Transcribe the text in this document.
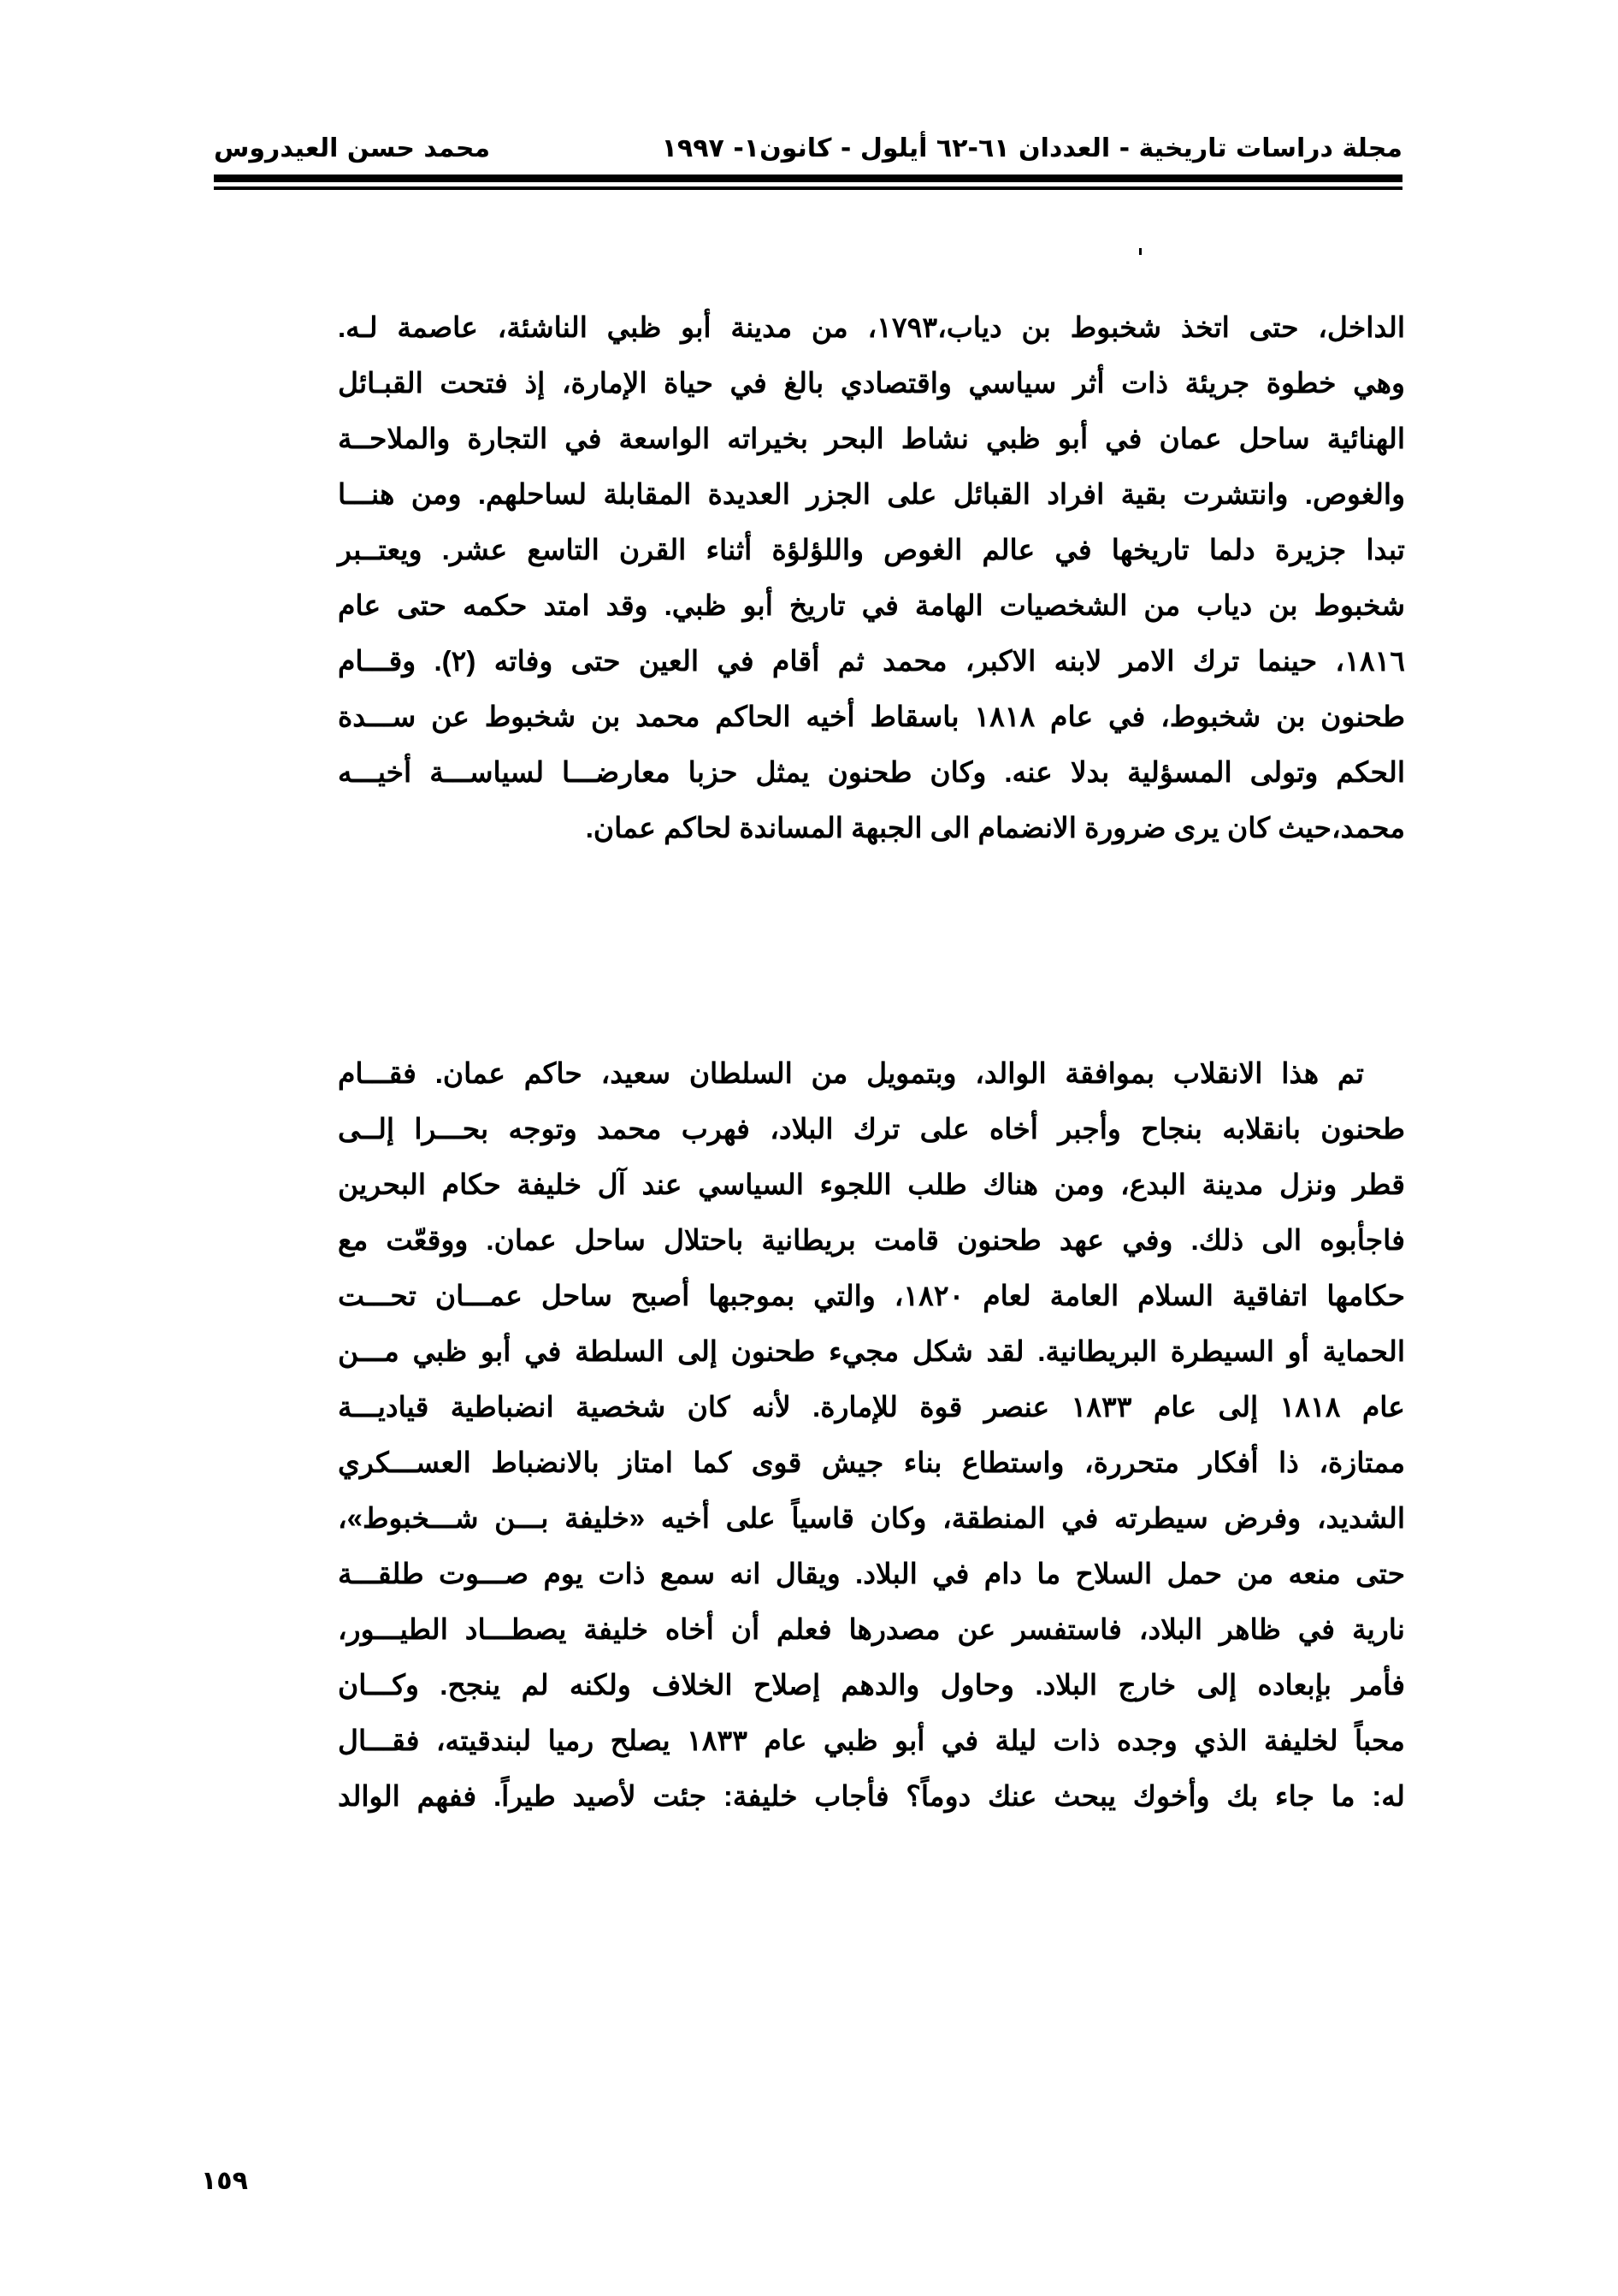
مجلة دراسات تاريخية - العددان ٦١-٦٢ أيلول - كانون١- ١٩٩٧
محمد حسن العيدروس
الداخل، حتى اتخذ شخبوط بن دياب،١٧٩٣، من مدينة أبو ظبي الناشئة، عاصمة لـه.
وهي خطوة جريئة ذات أثر سياسي واقتصادي بالغ في حياة الإمارة، إذ فتحت القبـائل
الهنائية ساحل عمان في أبو ظبي نشاط البحر بخيراته الواسعة في التجارة والملاحــة
والغوص. وانتشرت بقية افراد القبائل على الجزر العديدة المقابلة لساحلهم. ومن هنـــا
تبدا جزيرة دلما تاريخها في عالم الغوص واللؤلؤة أثناء القرن التاسع عشر. ويعتــبر
شخبوط بن دياب من الشخصيات الهامة في تاريخ أبو ظبي. وقد امتد حكمه حتى عام
١٨١٦، حينما ترك الامر لابنه الاكبر، محمد ثم أقام في العين حتى وفاته (٢). وقـــام
طحنون بن شخبوط، في عام ١٨١٨ باسقاط أخيه الحاكم محمد بن شخبوط عن ســـدة
الحكم وتولى المسؤلية بدلا عنه. وكان طحنون يمثل حزبا معارضـــا لسياســـة أخيـــه
محمد،حيث كان يرى ضرورة الانضمام الى الجبهة المساندة لحاكم عمان.
تم هذا الانقلاب بموافقة الوالد، وبتمويل من السلطان سعيد، حاكم عمان. فقـــام
طحنون بانقلابه بنجاح وأجبر أخاه على ترك البلاد، فهرب محمد وتوجه بحـــرا إلــى
قطر ونزل مدينة البدع، ومن هناك طلب اللجوء السياسي عند آل خليفة حكام البحرين
فاجأبوه الى ذلك. وفي عهد طحنون قامت بريطانية باحتلال ساحل عمان. ووقعّت مع
حكامها اتفاقية السلام العامة لعام ١٨٢٠، والتي بموجبها أصبح ساحل عمـــان تحـــت
الحماية أو السيطرة البريطانية. لقد شكل مجيء طحنون إلى السلطة في أبو ظبي مـــن
عام ١٨١٨ إلى عام ١٨٣٣ عنصر قوة للإمارة. لأنه كان شخصية انضباطية قياديـــة
ممتازة، ذا أفكار متحررة، واستطاع بناء جيش قوى كما امتاز بالانضباط العســـكري
الشديد، وفرض سيطرته في المنطقة، وكان قاسياً على أخيه «خليفة بـــن شـــخبوط»،
حتى منعه من حمل السلاح ما دام في البلاد. ويقال انه سمع ذات يوم صـــوت طلقـــة
نارية في ظاهر البلاد، فاستفسر عن مصدرها فعلم أن أخاه خليفة يصطـــاد الطيـــور،
فأمر بإبعاده إلى خارج البلاد. وحاول والدهم إصلاح الخلاف ولكنه لم ينجح. وكـــان
محباً لخليفة الذي وجده ذات ليلة في أبو ظبي عام ١٨٣٣ يصلح رميا لبندقيته، فقـــال
له: ما جاء بك وأخوك يبحث عنك دوماً؟ فأجاب خليفة: جئت لأصيد طيراً. ففهم الوالد
١٥٩
